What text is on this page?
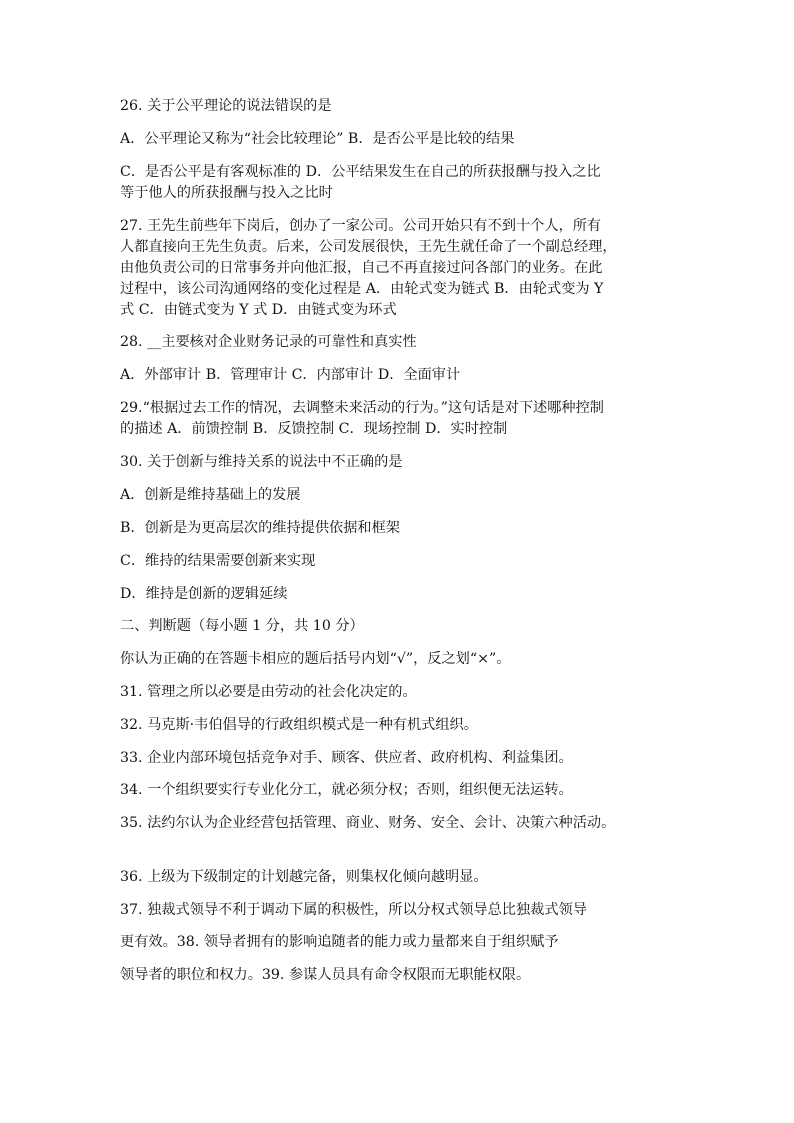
26. 关于公平理论的说法错误的是
A．公平理论又称为“社会比较理论” B．是否公平是比较的结果
C．是否公平是有客观标准的 D．公平结果发生在自己的所获报酬与投入之比
等于他人的所获报酬与投入之比时
27. 王先生前些年下岗后，创办了一家公司。公司开始只有不到十个人，所有
人都直接向王先生负责。后来，公司发展很快，王先生就任命了一个副总经理，
由他负责公司的日常事务并向他汇报，自己不再直接过问各部门的业务。在此
过程中，该公司沟通网络的变化过程是 A．由轮式变为链式 B．由轮式变为 Y
式 C．由链式变为 Y 式 D．由链式变为环式
28. __主要核对企业财务记录的可靠性和真实性
A．外部审计 B．管理审计 C．内部审计 D．全面审计
29.“根据过去工作的情况，去调整未来活动的行为。”这句话是对下述哪种控制
的描述 A．前馈控制 B．反馈控制 C．现场控制 D．实时控制
30. 关于创新与维持关系的说法中不正确的是
A．创新是维持基础上的发展
B．创新是为更高层次的维持提供依据和框架
C．维持的结果需要创新来实现
D．维持是创新的逻辑延续
二、判断题（每小题 1 分，共 10 分）
你认为正确的在答题卡相应的题后括号内划“√”，反之划“×”。
31. 管理之所以必要是由劳动的社会化决定的。
32. 马克斯·韦伯倡导的行政组织模式是一种有机式组织。
33. 企业内部环境包括竞争对手、顾客、供应者、政府机构、利益集团。
34. 一个组织要实行专业化分工，就必须分权；否则，组织便无法运转。
35. 法约尔认为企业经营包括管理、商业、财务、安全、会计、决策六种活动。
36. 上级为下级制定的计划越完备，则集权化倾向越明显。
37. 独裁式领导不利于调动下属的积极性，所以分权式领导总比独裁式领导
更有效。38. 领导者拥有的影响追随者的能力或力量都来自于组织赋予
领导者的职位和权力。39. 参谋人员具有命令权限而无职能权限。
